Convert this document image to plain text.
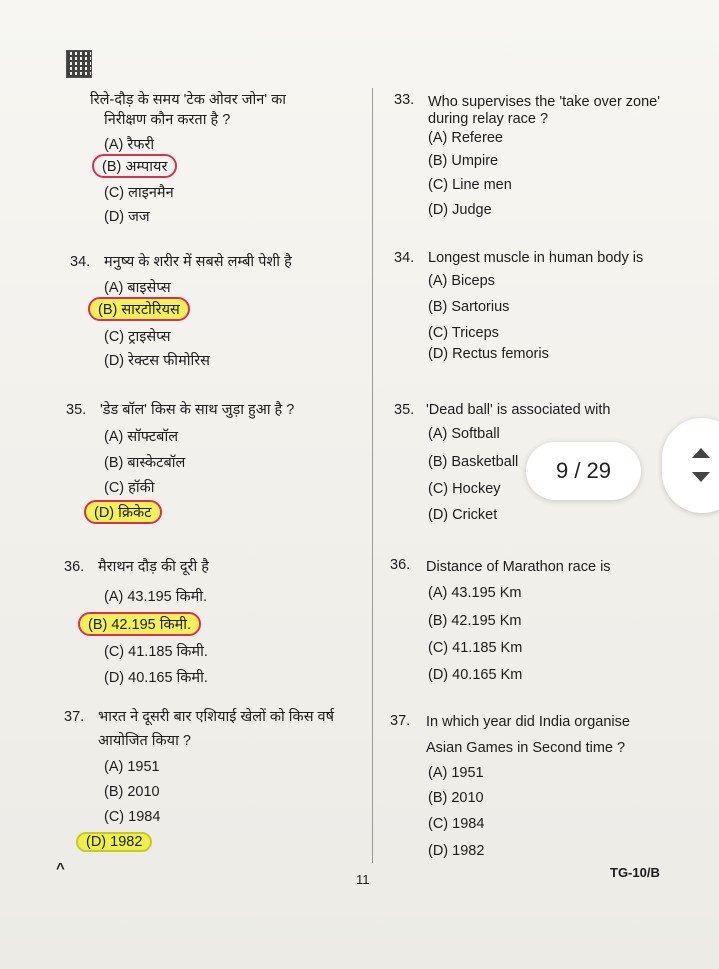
रिले-दौड़ के समय 'टेक ओवर जोन' का
निरीक्षण कौन करता है ?
(A) रैफरी
(B) अम्पायर
(C) लाइनमैन
(D) जज
33. Who supervises the 'take over zone'
during relay race ?
(A) Referee
(B) Umpire
(C) Line men
(D) Judge
34. मनुष्य के शरीर में सबसे लम्बी पेशी है
(A) बाइसेप्स
(B) सारटोरियस
(C) ट्राइसेप्स
(D) रेक्टस फीमोरिस
34. Longest muscle in human body is
(A) Biceps
(B) Sartorius
(C) Triceps
(D) Rectus femoris
35. 'डेड बॉल' किस के साथ जुड़ा हुआ है ?
(A) सॉफ्टबॉल
(B) बास्केटबॉल
(C) हॉकी
(D) क्रिकेट
35. 'Dead ball' is associated with
(A) Softball
(B) Basketball
(C) Hockey
(D) Cricket
36. मैराथन दौड़ की दूरी है
(A) 43.195 किमी.
(B) 42.195 किमी.
(C) 41.185 किमी.
(D) 40.165 किमी.
36. Distance of Marathon race is
(A) 43.195 Km
(B) 42.195 Km
(C) 41.185 Km
(D) 40.165 Km
37. भारत ने दूसरी बार एशियाई खेलों को किस वर्ष
आयोजित किया ?
(A) 1951
(B) 2010
(C) 1984
(D) 1982
37. In which year did India organise
Asian Games in Second time ?
(A) 1951
(B) 2010
(C) 1984
(D) 1982
^
11	TG-10/B
9 / 29
